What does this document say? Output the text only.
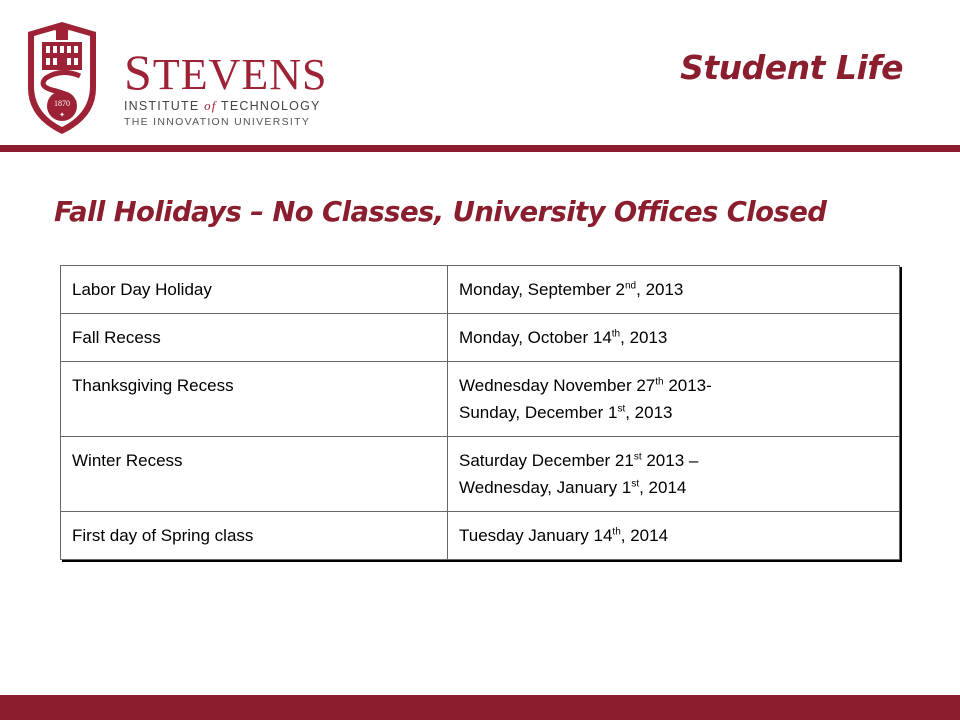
1870
✦
STEVENS
INSTITUTE of TECHNOLOGY
THE INNOVATION UNIVERSITY
Student Life
Fall Holidays – No Classes, University Offices Closed
Labor Day Holiday	Monday, September 2nd, 2013
Fall Recess	Monday, October 14th, 2013
Thanksgiving Recess	Wednesday November 27th 2013-
Sunday, December 1st, 2013
Winter Recess	Saturday December 21st 2013 –
Wednesday, January 1st, 2014
First day of Spring class	Tuesday January 14th, 2014
